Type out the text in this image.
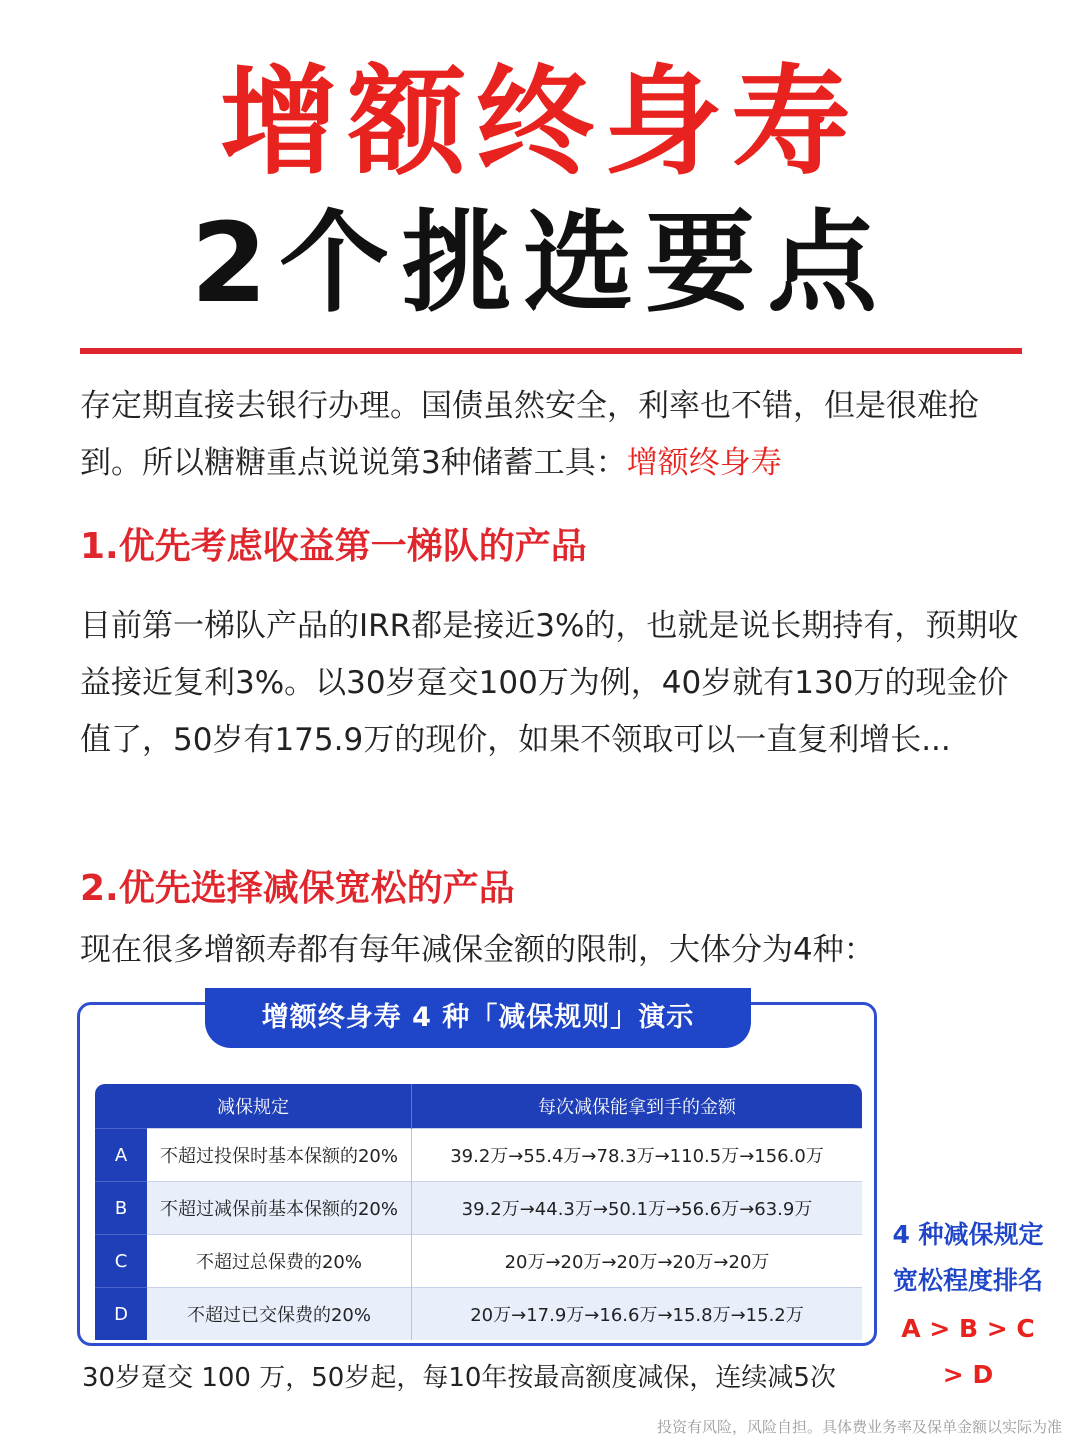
增额终身寿
2个挑选要点
存定期直接去银行办理。国债虽然安全，利率也不错，但是很难抢到。所以糖糖重点说说第3种储蓄工具：增额终身寿
1.优先考虑收益第一梯队的产品
目前第一梯队产品的IRR都是接近3%的，也就是说长期持有，预期收益接近复利3%。以30岁趸交100万为例，40岁就有130万的现金价值了，50岁有175.9万的现价，如果不领取可以一直复利增长...
2.优先选择减保宽松的产品
现在很多增额寿都有每年减保金额的限制，大体分为4种：
增额终身寿 4 种「减保规则」演示
减保规定		每次减保能拿到手的金额
A	不超过投保时基本保额的20%	39.2万→55.4万→78.3万→110.5万→156.0万
B	不超过减保前基本保额的20%	39.2万→44.3万→50.1万→56.6万→63.9万
C	不超过总保费的20%	20万→20万→20万→20万→20万
D	不超过已交保费的20%	20万→17.9万→16.6万→15.8万→15.2万
4 种减保规定
宽松程度排名
A > B > C > D
30岁趸交 100 万，50岁起，每10年按最高额度减保，连续减5次
投资有风险，风险自担。具体费业务率及保单金额以实际为准
